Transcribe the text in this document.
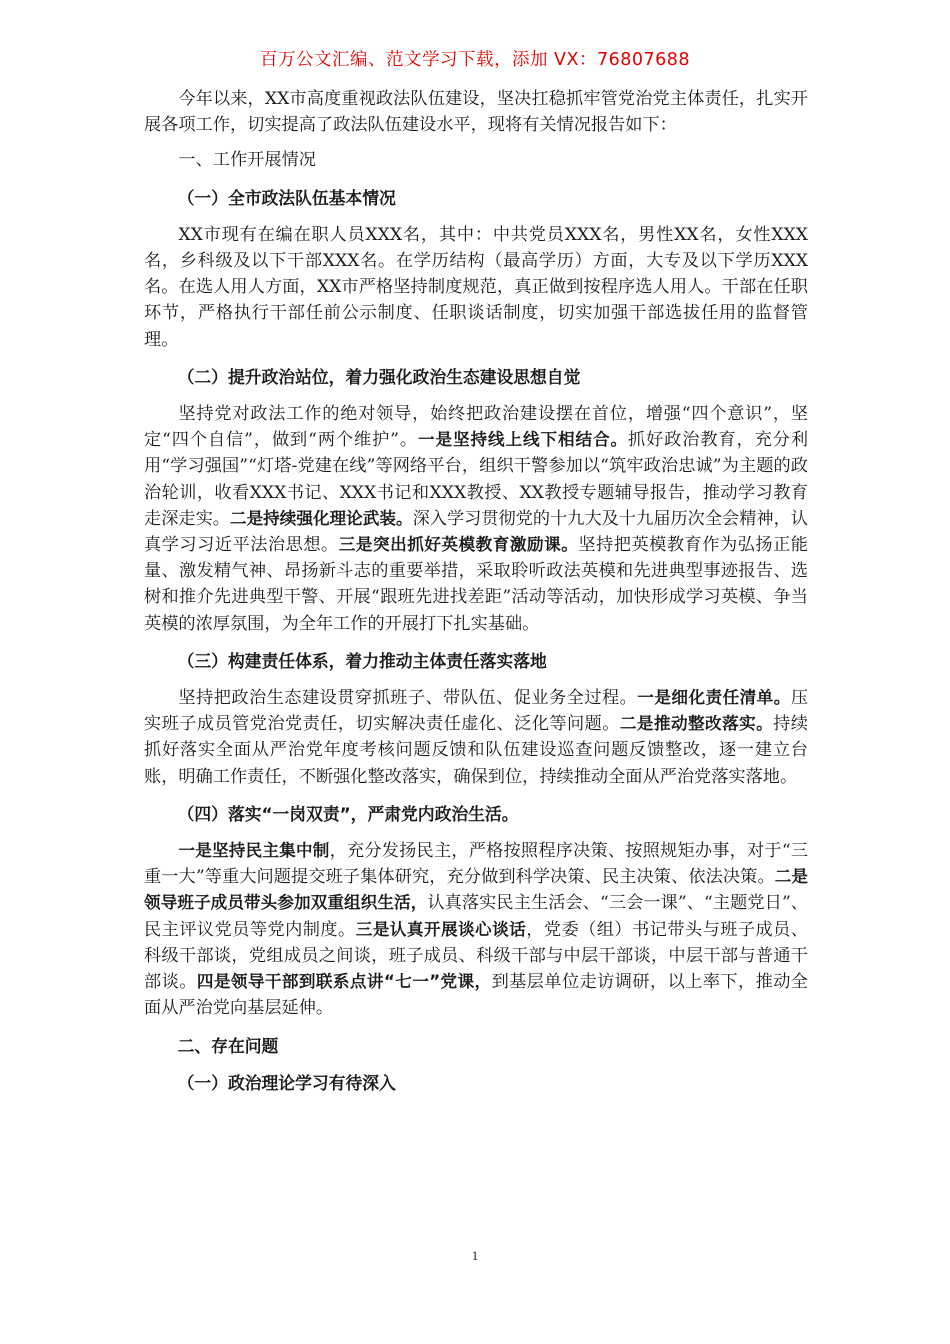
百万公文汇编、范文学习下载，添加 VX：76807688

今年以来，XX市高度重视政法队伍建设，坚决扛稳抓牢管党治党主体责任，扎实开展各项工作，切实提高了政法队伍建设水平，现将有关情况报告如下：

一、工作开展情况

（一）全市政法队伍基本情况

XX市现有在编在职人员XXX名，其中：中共党员XXX名，男性XX名，女性XXX名，乡科级及以下干部XXX名。在学历结构（最高学历）方面，大专及以下学历XXX名。在选人用人方面，XX市严格坚持制度规范，真正做到按程序选人用人。干部在任职环节，严格执行干部任前公示制度、任职谈话制度，切实加强干部选拔任用的监督管理。

（二）提升政治站位，着力强化政治生态建设思想自觉

坚持党对政法工作的绝对领导，始终把政治建设摆在首位，增强“四个意识”，坚定“四个自信”，做到“两个维护”。一是坚持线上线下相结合。抓好政治教育，充分利用“学习强国”“灯塔-党建在线”等网络平台，组织干警参加以“筑牢政治忠诚”为主题的政治轮训，收看XXX书记、XXX书记和XXX教授、XX教授专题辅导报告，推动学习教育走深走实。二是持续强化理论武装。深入学习贯彻党的十九大及十九届历次全会精神，认真学习习近平法治思想。三是突出抓好英模教育激励课。坚持把英模教育作为弘扬正能量、激发精气神、昂扬新斗志的重要举措，采取聆听政法英模和先进典型事迹报告、选树和推介先进典型干警、开展“跟班先进找差距”活动等活动，加快形成学习英模、争当英模的浓厚氛围，为全年工作的开展打下扎实基础。

（三）构建责任体系，着力推动主体责任落实落地

坚持把政治生态建设贯穿抓班子、带队伍、促业务全过程。一是细化责任清单。压实班子成员管党治党责任，切实解决责任虚化、泛化等问题。二是推动整改落实。持续抓好落实全面从严治党年度考核问题反馈和队伍建设巡查问题反馈整改，逐一建立台账，明确工作责任，不断强化整改落实，确保到位，持续推动全面从严治党落实落地。

（四）落实“一岗双责”，严肃党内政治生活。

一是坚持民主集中制，充分发扬民主，严格按照程序决策、按照规矩办事，对于“三重一大”等重大问题提交班子集体研究，充分做到科学决策、民主决策、依法决策。二是领导班子成员带头参加双重组织生活，认真落实民主生活会、“三会一课”、“主题党日”、民主评议党员等党内制度。三是认真开展谈心谈话，党委（组）书记带头与班子成员、科级干部谈，党组成员之间谈，班子成员、科级干部与中层干部谈，中层干部与普通干部谈。四是领导干部到联系点讲“七一”党课，到基层单位走访调研，以上率下，推动全面从严治党向基层延伸。

二、存在问题

（一）政治理论学习有待深入

1
